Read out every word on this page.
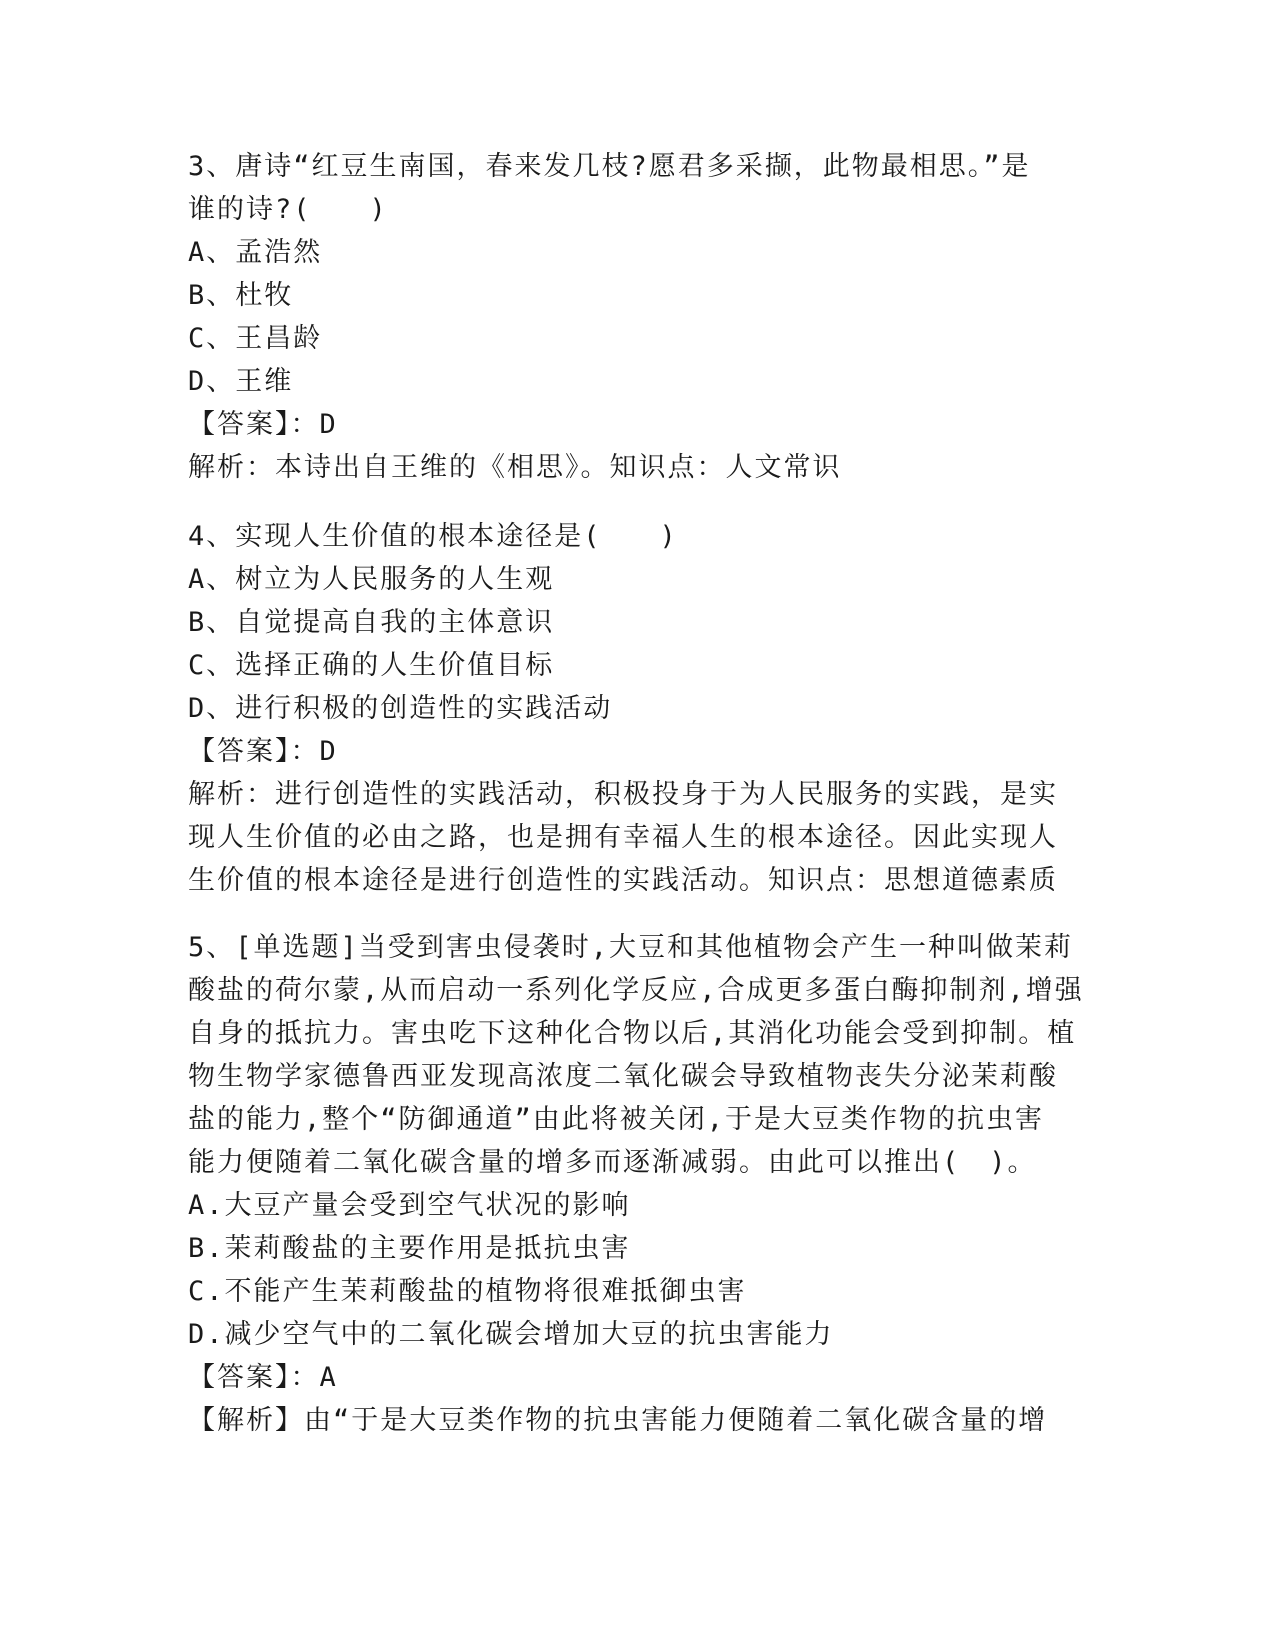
3、唐诗“红豆生南国，春来发几枝?愿君多采撷，此物最相思。”是
谁的诗?(　　)
A、孟浩然
B、杜牧
C、王昌龄
D、王维
【答案】：D
解析：本诗出自王维的《相思》。知识点：人文常识
4、实现人生价值的根本途径是(　　)
A、树立为人民服务的人生观
B、自觉提高自我的主体意识
C、选择正确的人生价值目标
D、进行积极的创造性的实践活动
【答案】：D
解析：进行创造性的实践活动，积极投身于为人民服务的实践，是实
现人生价值的必由之路，也是拥有幸福人生的根本途径。因此实现人
生价值的根本途径是进行创造性的实践活动。知识点：思想道德素质
5、[单选题]当受到害虫侵袭时,大豆和其他植物会产生一种叫做茉莉
酸盐的荷尔蒙,从而启动一系列化学反应,合成更多蛋白酶抑制剂,增强
自身的抵抗力。害虫吃下这种化合物以后,其消化功能会受到抑制。植
物生物学家德鲁西亚发现高浓度二氧化碳会导致植物丧失分泌茉莉酸
盐的能力,整个“防御通道”由此将被关闭,于是大豆类作物的抗虫害
能力便随着二氧化碳含量的增多而逐渐减弱。由此可以推出(　)。
A.大豆产量会受到空气状况的影响
B.茉莉酸盐的主要作用是抵抗虫害
C.不能产生茉莉酸盐的植物将很难抵御虫害
D.减少空气中的二氧化碳会增加大豆的抗虫害能力
【答案】：A
【解析】由“于是大豆类作物的抗虫害能力便随着二氧化碳含量的增
